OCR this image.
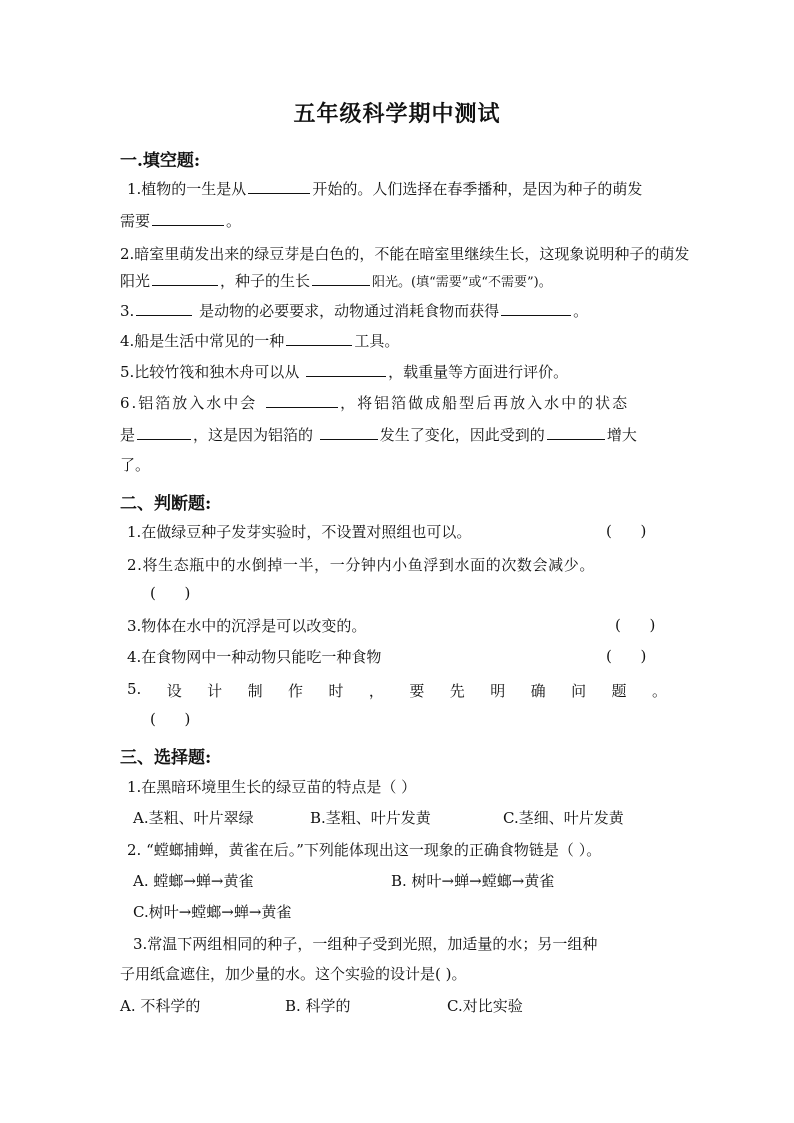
五年级科学期中测试
一.填空题:
1.植物的一生是从	开始的。人们选择在春季播种，是因为种子的萌发
需要	。
2.暗室里萌发出来的绿豆芽是白色的，不能在暗室里继续生长，这现象说明种子的萌发
阳光	，种子的生长	阳光。(填“需要”或“不需要”)。
3.	是动物的必要要求，动物通过消耗食物而获得	。
4.船是生活中常见的一种	工具。
5.比较竹筏和独木舟可以从	，载重量等方面进行评价。
6.铝箔放入水中会	，将铝箔做成船型后再放入水中的状态
是	，这是因为铝箔的	发生了变化，因此受到的	增大
了。
二、判断题:
1.在做绿豆种子发芽实验时，不设置对照组也可以。	(      )
2.将生态瓶中的水倒掉一半，一分钟内小鱼浮到水面的次数会减少。
(      )
3.物体在水中的沉浮是可以改变的。	(      )
4.在食物网中一种动物只能吃一种食物	(      )
5. 设 计 制 作 时 ， 要 先 明 确 问 题 。
(      )
三、选择题:
1.在黑暗环境里生长的绿豆苗的特点是（ ）
A.茎粗、叶片翠绿	B.茎粗、叶片发黄	C.茎细、叶片发黄
2. “螳螂捕蝉，黄雀在后。”下列能体现出这一现象的正确食物链是（ ）。
A. 螳螂→蝉→黄雀	B. 树叶→蝉→螳螂→黄雀
C.树叶→螳螂→蝉→黄雀
3.常温下两组相同的种子，一组种子受到光照，加适量的水；另一组种
子用纸盒遮住，加少量的水。这个实验的设计是( )。
A. 不科学的	B. 科学的	C.对比实验
